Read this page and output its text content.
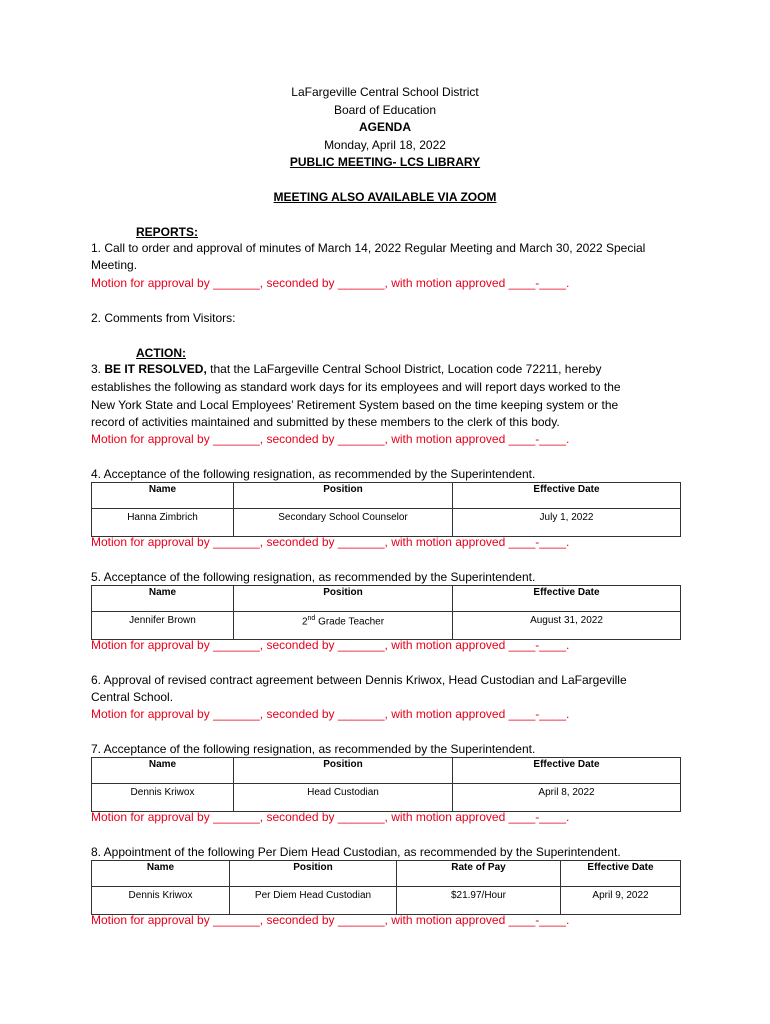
LaFargeville Central School District
Board of Education
AGENDA
Monday, April 18, 2022
PUBLIC MEETING- LCS LIBRARY
MEETING ALSO AVAILABLE VIA ZOOM
REPORTS:
1. Call to order and approval of minutes of March 14, 2022 Regular Meeting and March 30, 2022 Special
Meeting.
Motion for approval by _______, seconded by _______, with motion approved ____-____.
2. Comments from Visitors:
ACTION:
3. BE IT RESOLVED, that the LaFargeville Central School District, Location code 72211, hereby
establishes the following as standard work days for its employees and will report days worked to the
New York State and Local Employees’ Retirement System based on the time keeping system or the
record of activities maintained and submitted by these members to the clerk of this body.
Motion for approval by _______, seconded by _______, with motion approved ____-____.
4. Acceptance of the following resignation, as recommended by the Superintendent.
Name	Position	Effective Date
Hanna Zimbrich	Secondary School Counselor	July 1, 2022
Motion for approval by _______, seconded by _______, with motion approved ____-____.
5. Acceptance of the following resignation, as recommended by the Superintendent.
Name	Position	Effective Date
Jennifer Brown	2nd Grade Teacher	August 31, 2022
Motion for approval by _______, seconded by _______, with motion approved ____-____.
6. Approval of revised contract agreement between Dennis Kriwox, Head Custodian and LaFargeville
Central School.
Motion for approval by _______, seconded by _______, with motion approved ____-____.
7. Acceptance of the following resignation, as recommended by the Superintendent.
Name	Position	Effective Date
Dennis Kriwox	Head Custodian	April 8, 2022
Motion for approval by _______, seconded by _______, with motion approved ____-____.
8. Appointment of the following Per Diem Head Custodian, as recommended by the Superintendent.
Name	Position	Rate of Pay	Effective Date
Dennis Kriwox	Per Diem Head Custodian	$21.97/Hour	April 9, 2022
Motion for approval by _______, seconded by _______, with motion approved ____-____.
